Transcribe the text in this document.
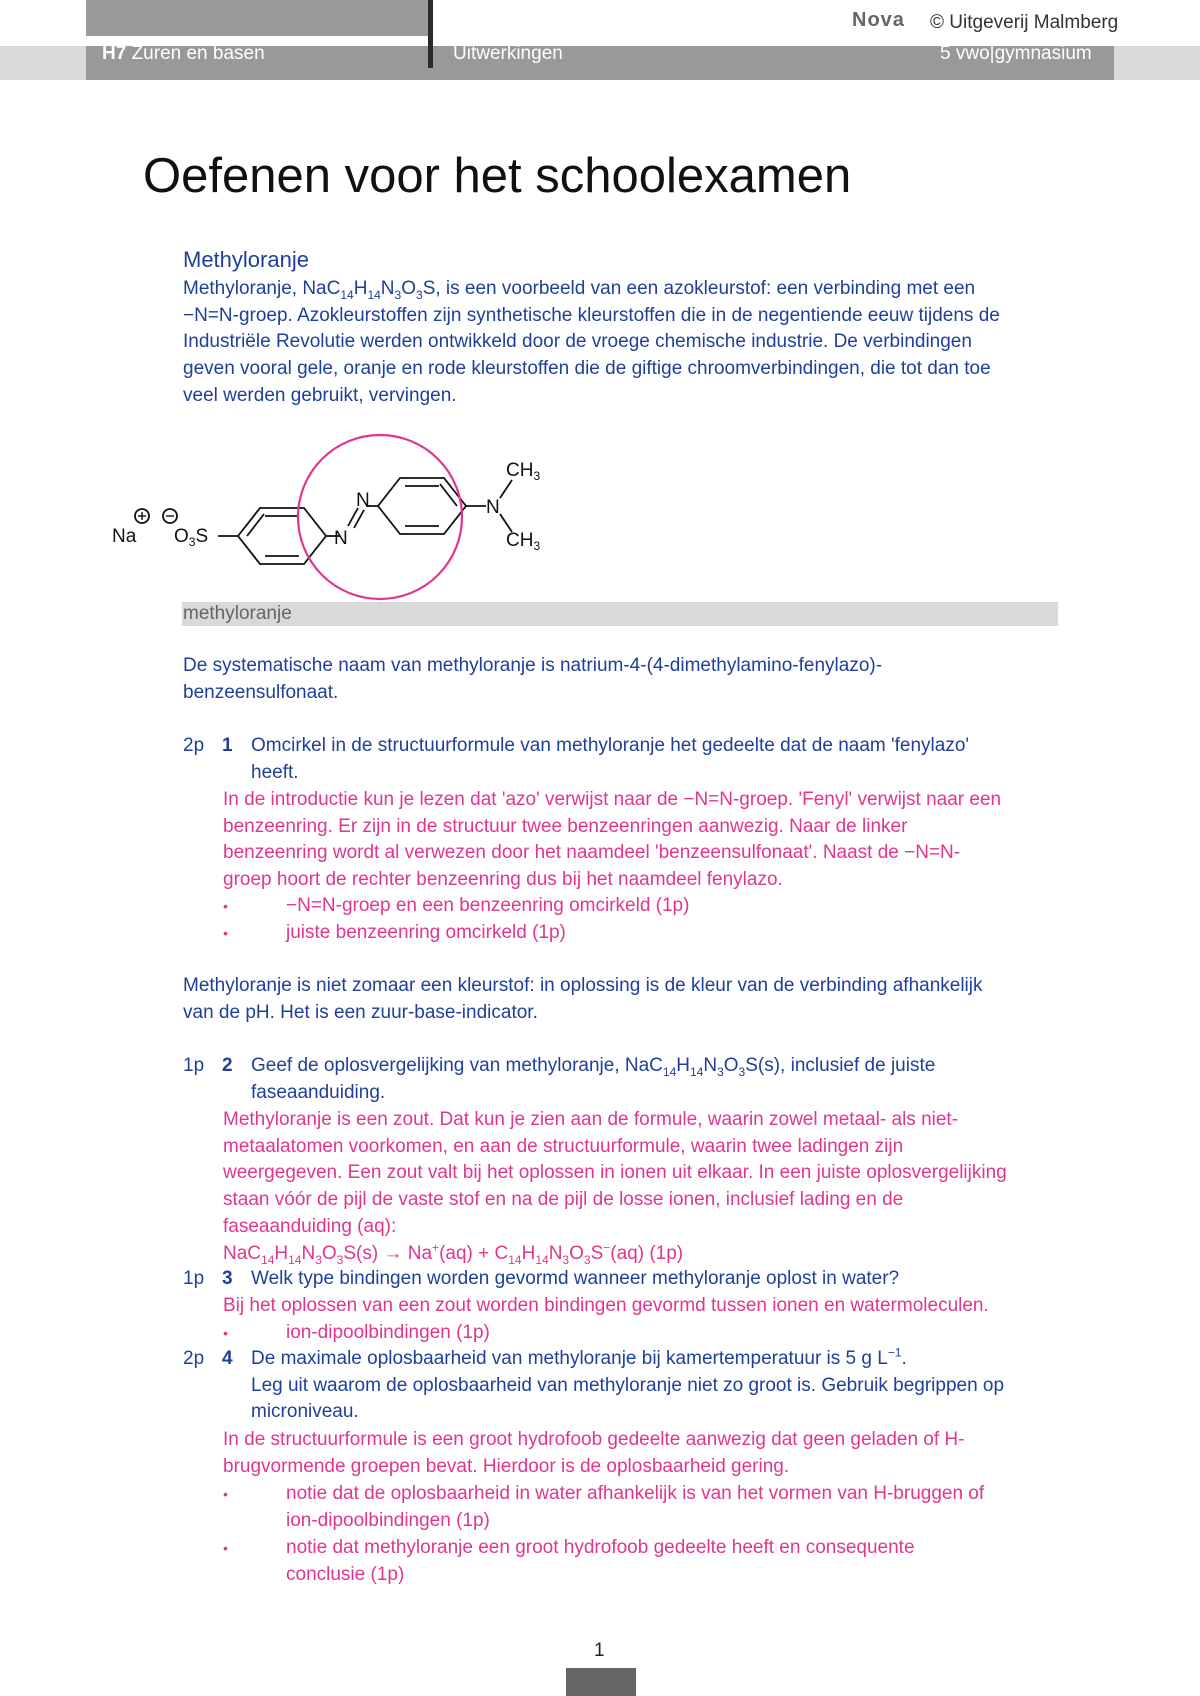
H7 Zuren en basen	Uitwerkingen	5 vwo|gymnasium
Nova © Uitgeverij Malmberg
Oefenen voor het schoolexamen
Methyloranje
Methyloranje, $NaC_{14}H_{14}N_3O_3S$, is een voorbeeld van een azokleurstof: een verbinding met een
−N=N-groep. Azokleurstoffen zijn synthetische kleurstoffen die in de negentiende eeuw tijdens de
Industriële Revolutie werden ontwikkeld door de vroege chemische industrie. De verbindingen
geven vooral gele, oranje en rode kleurstoffen die de giftige chroomverbindingen, die tot dan toe
veel werden gebruikt, vervingen.
Na $O_3S$
N
N
N
$CH_3$
$CH_3$
methyloranje
De systematische naam van methyloranje is natrium-4-(4-dimethylamino-fenylazo)-
benzeensulfonaat.
2p 1 Omcirkel in de structuurformule van methyloranje het gedeelte dat de naam 'fenylazo'
heeft.
In de introductie kun je lezen dat 'azo' verwijst naar de −N=N-groep. 'Fenyl' verwijst naar een
benzeenring. Er zijn in de structuur twee benzeenringen aanwezig. Naar de linker
benzeenring wordt al verwezen door het naamdeel 'benzeensulfonaat'. Naast de −N=N-
groep hoort de rechter benzeenring dus bij het naamdeel fenylazo.
•	−N=N-groep en een benzeenring omcirkeld (1p)
•	juiste benzeenring omcirkeld (1p)
Methyloranje is niet zomaar een kleurstof: in oplossing is de kleur van de verbinding afhankelijk
van de pH. Het is een zuur-base-indicator.
1p 2 Geef de oplosvergelijking van methyloranje, $NaC_{14}H_{14}N_3O_3S(s)$, inclusief de juiste
faseaanduiding.
Methyloranje is een zout. Dat kun je zien aan de formule, waarin zowel metaal- als niet-
metaalatomen voorkomen, en aan de structuurformule, waarin twee ladingen zijn
weergegeven. Een zout valt bij het oplossen in ionen uit elkaar. In een juiste oplosvergelijking
staan vóór de pijl de vaste stof en na de pijl de losse ionen, inclusief lading en de
faseaanduiding (aq):
$NaC_{14}H_{14}N_3O_3S(s) \to Na^+(aq) + C_{14}H_{14}N_3O_3S^-(aq)$ (1p)
1p 3 Welk type bindingen worden gevormd wanneer methyloranje oplost in water?
Bij het oplossen van een zout worden bindingen gevormd tussen ionen en watermoleculen.
•	ion-dipoolbindingen (1p)
2p 4 De maximale oplosbaarheid van methyloranje bij kamertemperatuur is 5 g $L^{-1}$.
Leg uit waarom de oplosbaarheid van methyloranje niet zo groot is. Gebruik begrippen op
microniveau.
In de structuurformule is een groot hydrofoob gedeelte aanwezig dat geen geladen of H-
brugvormende groepen bevat. Hierdoor is de oplosbaarheid gering.
•	notie dat de oplosbaarheid in water afhankelijk is van het vormen van H-bruggen of
ion-dipoolbindingen (1p)
•	notie dat methyloranje een groot hydrofoob gedeelte heeft en consequente
conclusie (1p)
1
